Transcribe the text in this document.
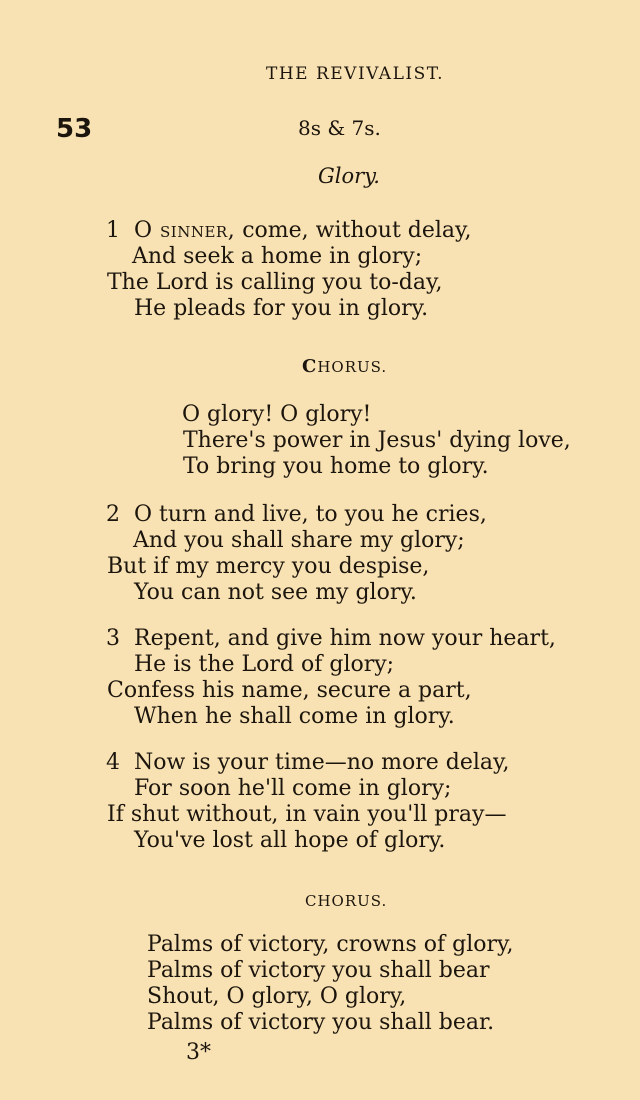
THE REVIVALIST.
53	8s & 7s.
Glory.
1 O sinner, come, without delay,
And seek a home in glory;
The Lord is calling you to-day,
He pleads for you in glory.
CHORUS.
O glory! O glory!
There's power in Jesus' dying love,
To bring you home to glory.
2 O turn and live, to you he cries,
And you shall share my glory;
But if my mercy you despise,
You can not see my glory.
3 Repent, and give him now your heart,
He is the Lord of glory;
Confess his name, secure a part,
When he shall come in glory.
4 Now is your time—no more delay,
For soon he'll come in glory;
If shut without, in vain you'll pray—
You've lost all hope of glory.
CHORUS.
Palms of victory, crowns of glory,
Palms of victory you shall bear
Shout, O glory, O glory,
Palms of victory you shall bear.
3*
